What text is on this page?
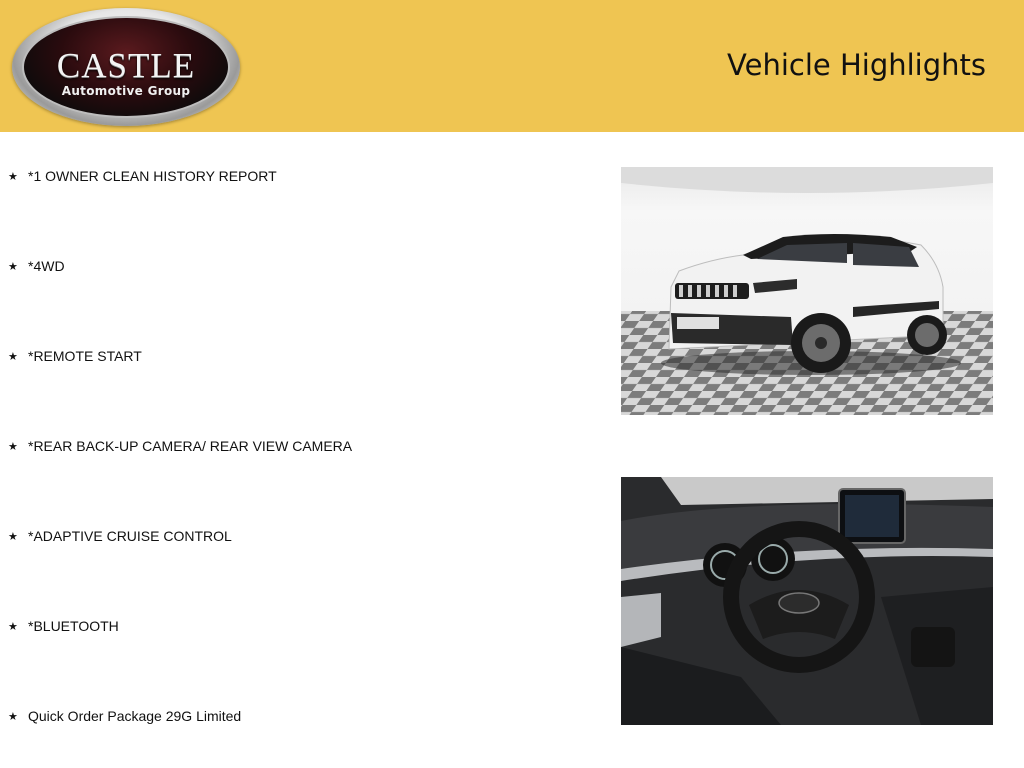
CASTLE
Automotive Group
Vehicle Highlights
★ *1 OWNER CLEAN HISTORY REPORT
★ *4WD
★ *REMOTE START
★ *REAR BACK-UP CAMERA/ REAR VIEW CAMERA
★ *ADAPTIVE CRUISE CONTROL
★ *BLUETOOTH
★ Quick Order Package 29G Limited
